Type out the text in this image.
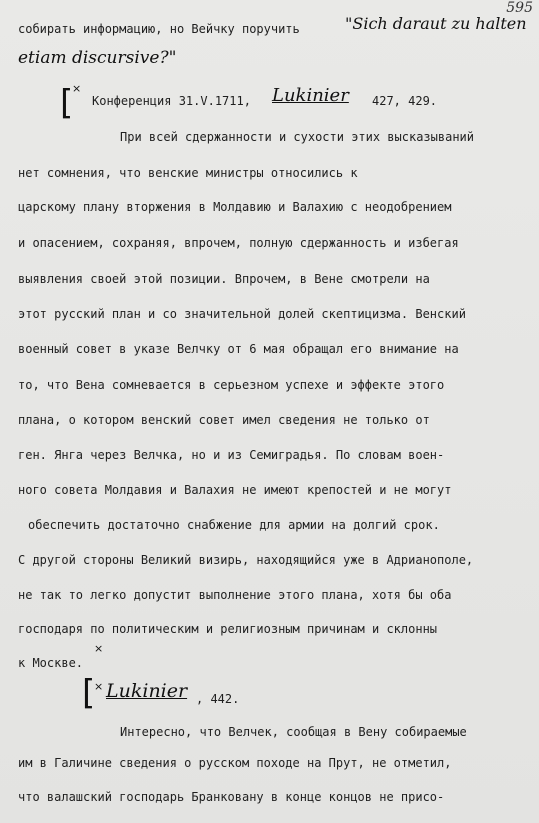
595
собирать информацию, но Вейчку поручить	"Sich daraut zu halten
etiam discursive?"
[
×
Конференция 31.V.1711, Lukinier 427, 429.
При всей сдержанности и сухости этих высказываний
нет сомнения, что венские министры относились к
царскому плану вторжения в Молдавию и Валахию с неодобрением
и опасением, сохраняя, впрочем, полную сдержанность и избегая
выявления своей этой позиции. Впрочем, в Вене смотрели на
этот русский план и со значительной долей скептицизма. Венский
военный совет в указе Велчку от 6 мая обращал его внимание на
то, что Вена сомневается в серьезном успехе и эффекте этого
плана, о котором венский совет имел сведения не только от
ген. Янга через Велчка, но и из Семиградья. По словам воен-
ного совета Молдавия и Валахия не имеют крепостей и не могут
обеспечить достаточно снабжение для армии на долгий срок.
С другой стороны Великий визирь, находящийся уже в Адрианополе,
не так то легко допустит выполнение этого плана, хотя бы оба
господаря по политическим и религиозным причинам и склонны
к Москве.
×
[
× Lukinier , 442.
Интересно, что Велчек, сообщая в Вену собираемые
им в Галичине сведения о русском походе на Прут, не отметил,
что валашский господарь Бранковану в конце концов не присо-
